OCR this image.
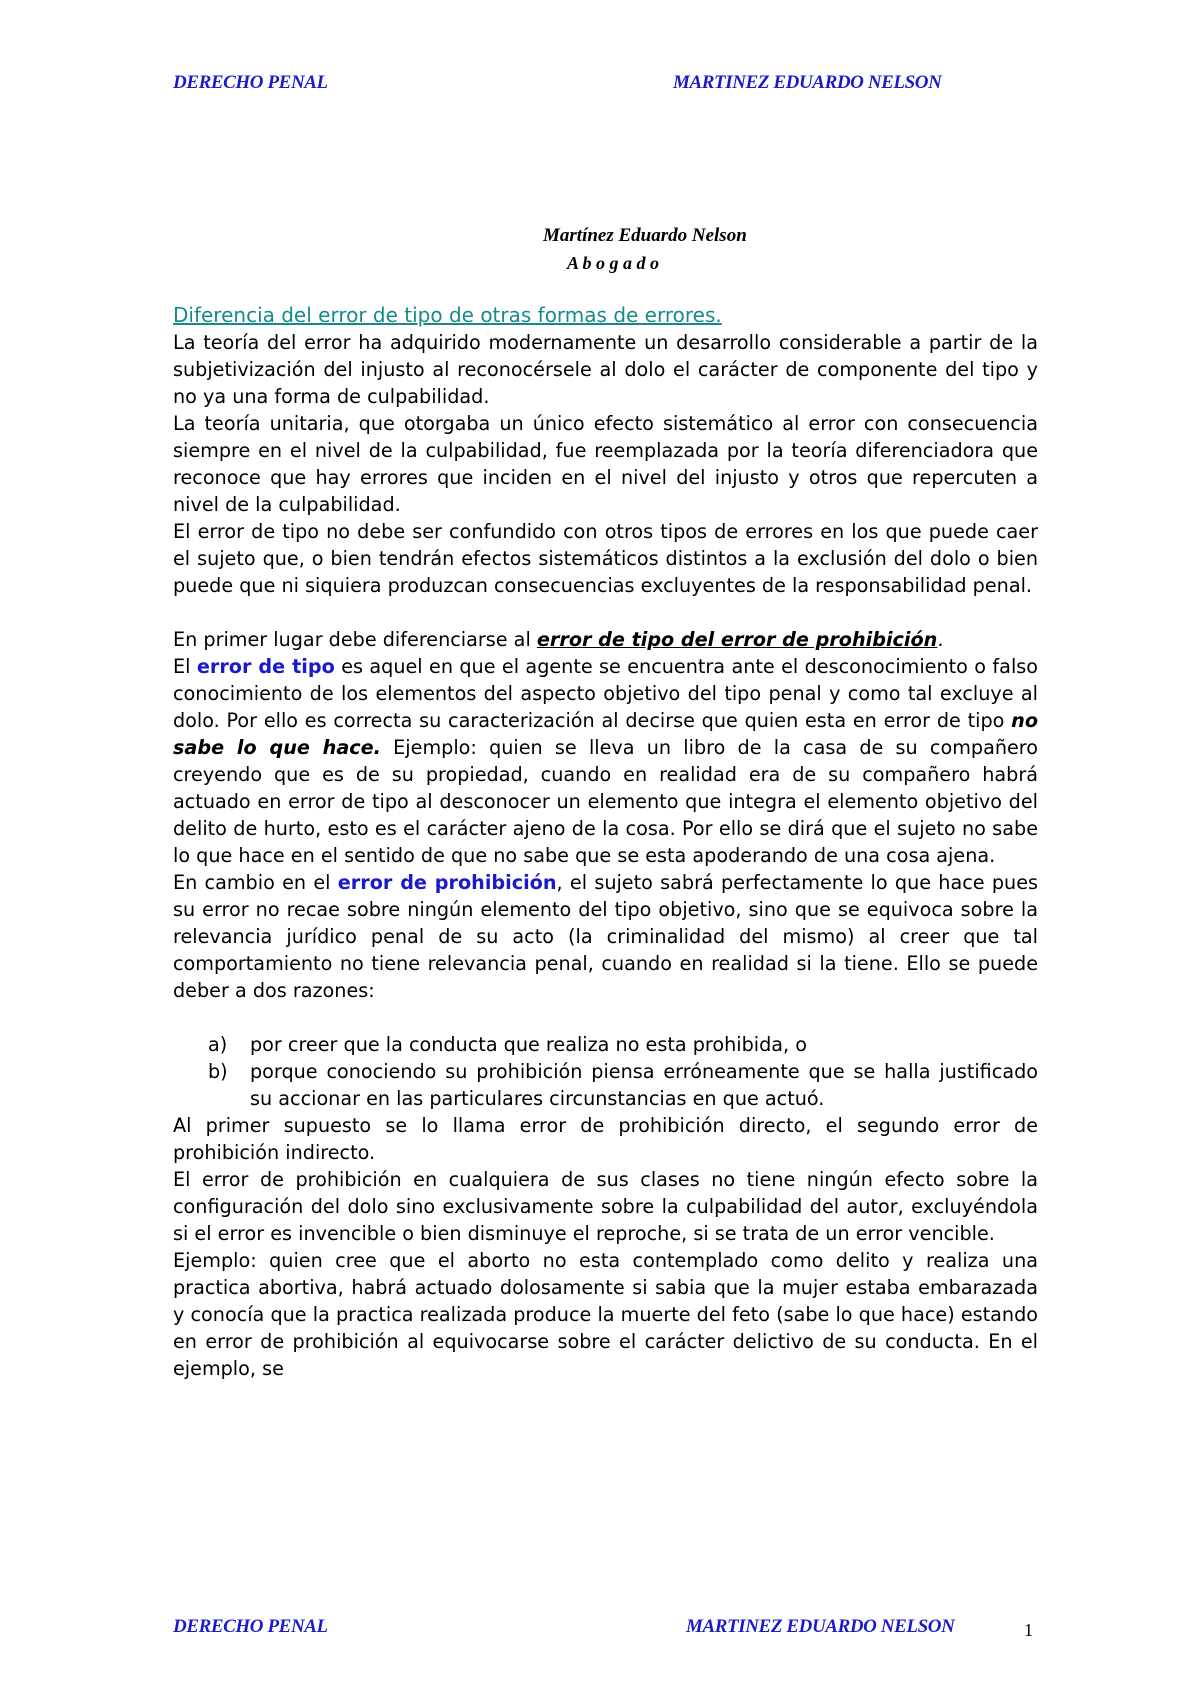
DERECHO PENAL	MARTINEZ EDUARDO NELSON
Martínez Eduardo Nelson
A b o g a d o

Diferencia del error de tipo de otras formas de errores.

La teoría del error ha adquirido modernamente un desarrollo considerable a partir de la subjetivización del injusto al reconocérsele al dolo el carácter de componente del tipo y no ya una forma de culpabilidad.

La teoría unitaria, que otorgaba un único efecto sistemático al error con consecuencia siempre en el nivel de la culpabilidad, fue reemplazada por la teoría diferenciadora que reconoce que hay errores que inciden en el nivel del injusto y otros que repercuten a nivel de la culpabilidad.

El error de tipo no debe ser confundido con otros tipos de errores en los que puede caer el sujeto que, o bien tendrán efectos sistemáticos distintos a la exclusión del dolo o bien puede que ni siquiera produzcan consecuencias excluyentes de la responsabilidad penal.

En primer lugar debe diferenciarse al error de tipo del error de prohibición.

El error de tipo es aquel en que el agente se encuentra ante el desconocimiento o falso conocimiento de los elementos del aspecto objetivo del tipo penal y como tal excluye al dolo. Por ello es correcta su caracterización al decirse que quien esta en error de tipo no sabe lo que hace. Ejemplo: quien se lleva un libro de la casa de su compañero creyendo que es de su propiedad, cuando en realidad era de su compañero habrá actuado en error de tipo al desconocer un elemento que integra el elemento objetivo del delito de hurto, esto es el carácter ajeno de la cosa. Por ello se dirá que el sujeto no sabe lo que hace en el sentido de que no sabe que se esta apoderando de una cosa ajena.

En cambio en el error de prohibición, el sujeto sabrá perfectamente lo que hace pues su error no recae sobre ningún elemento del tipo objetivo, sino que se equivoca sobre la relevancia jurídico penal de su acto (la criminalidad del mismo) al creer que tal comportamiento no tiene relevancia penal, cuando en realidad si la tiene. Ello se puede deber a dos razones:

a)	por creer que la conducta que realiza no esta prohibida, o
b)	porque conociendo su prohibición piensa erróneamente que se halla justificado su accionar en las particulares circunstancias en que actuó.

Al primer supuesto se lo llama error de prohibición directo, el segundo error de prohibición indirecto.

El error de prohibición en cualquiera de sus clases no tiene ningún efecto sobre la configuración del dolo sino exclusivamente sobre la culpabilidad del autor, excluyéndola si el error es invencible o bien disminuye el reproche, si se trata de un error vencible.

Ejemplo: quien cree que el aborto no esta contemplado como delito y realiza una practica abortiva, habrá actuado dolosamente si sabia que la mujer estaba embarazada y conocía que la practica realizada produce la muerte del feto (sabe lo que hace) estando en error de prohibición al equivocarse sobre el carácter delictivo de su conducta. En el ejemplo, se

DERECHO PENAL	MARTINEZ EDUARDO NELSON	1
